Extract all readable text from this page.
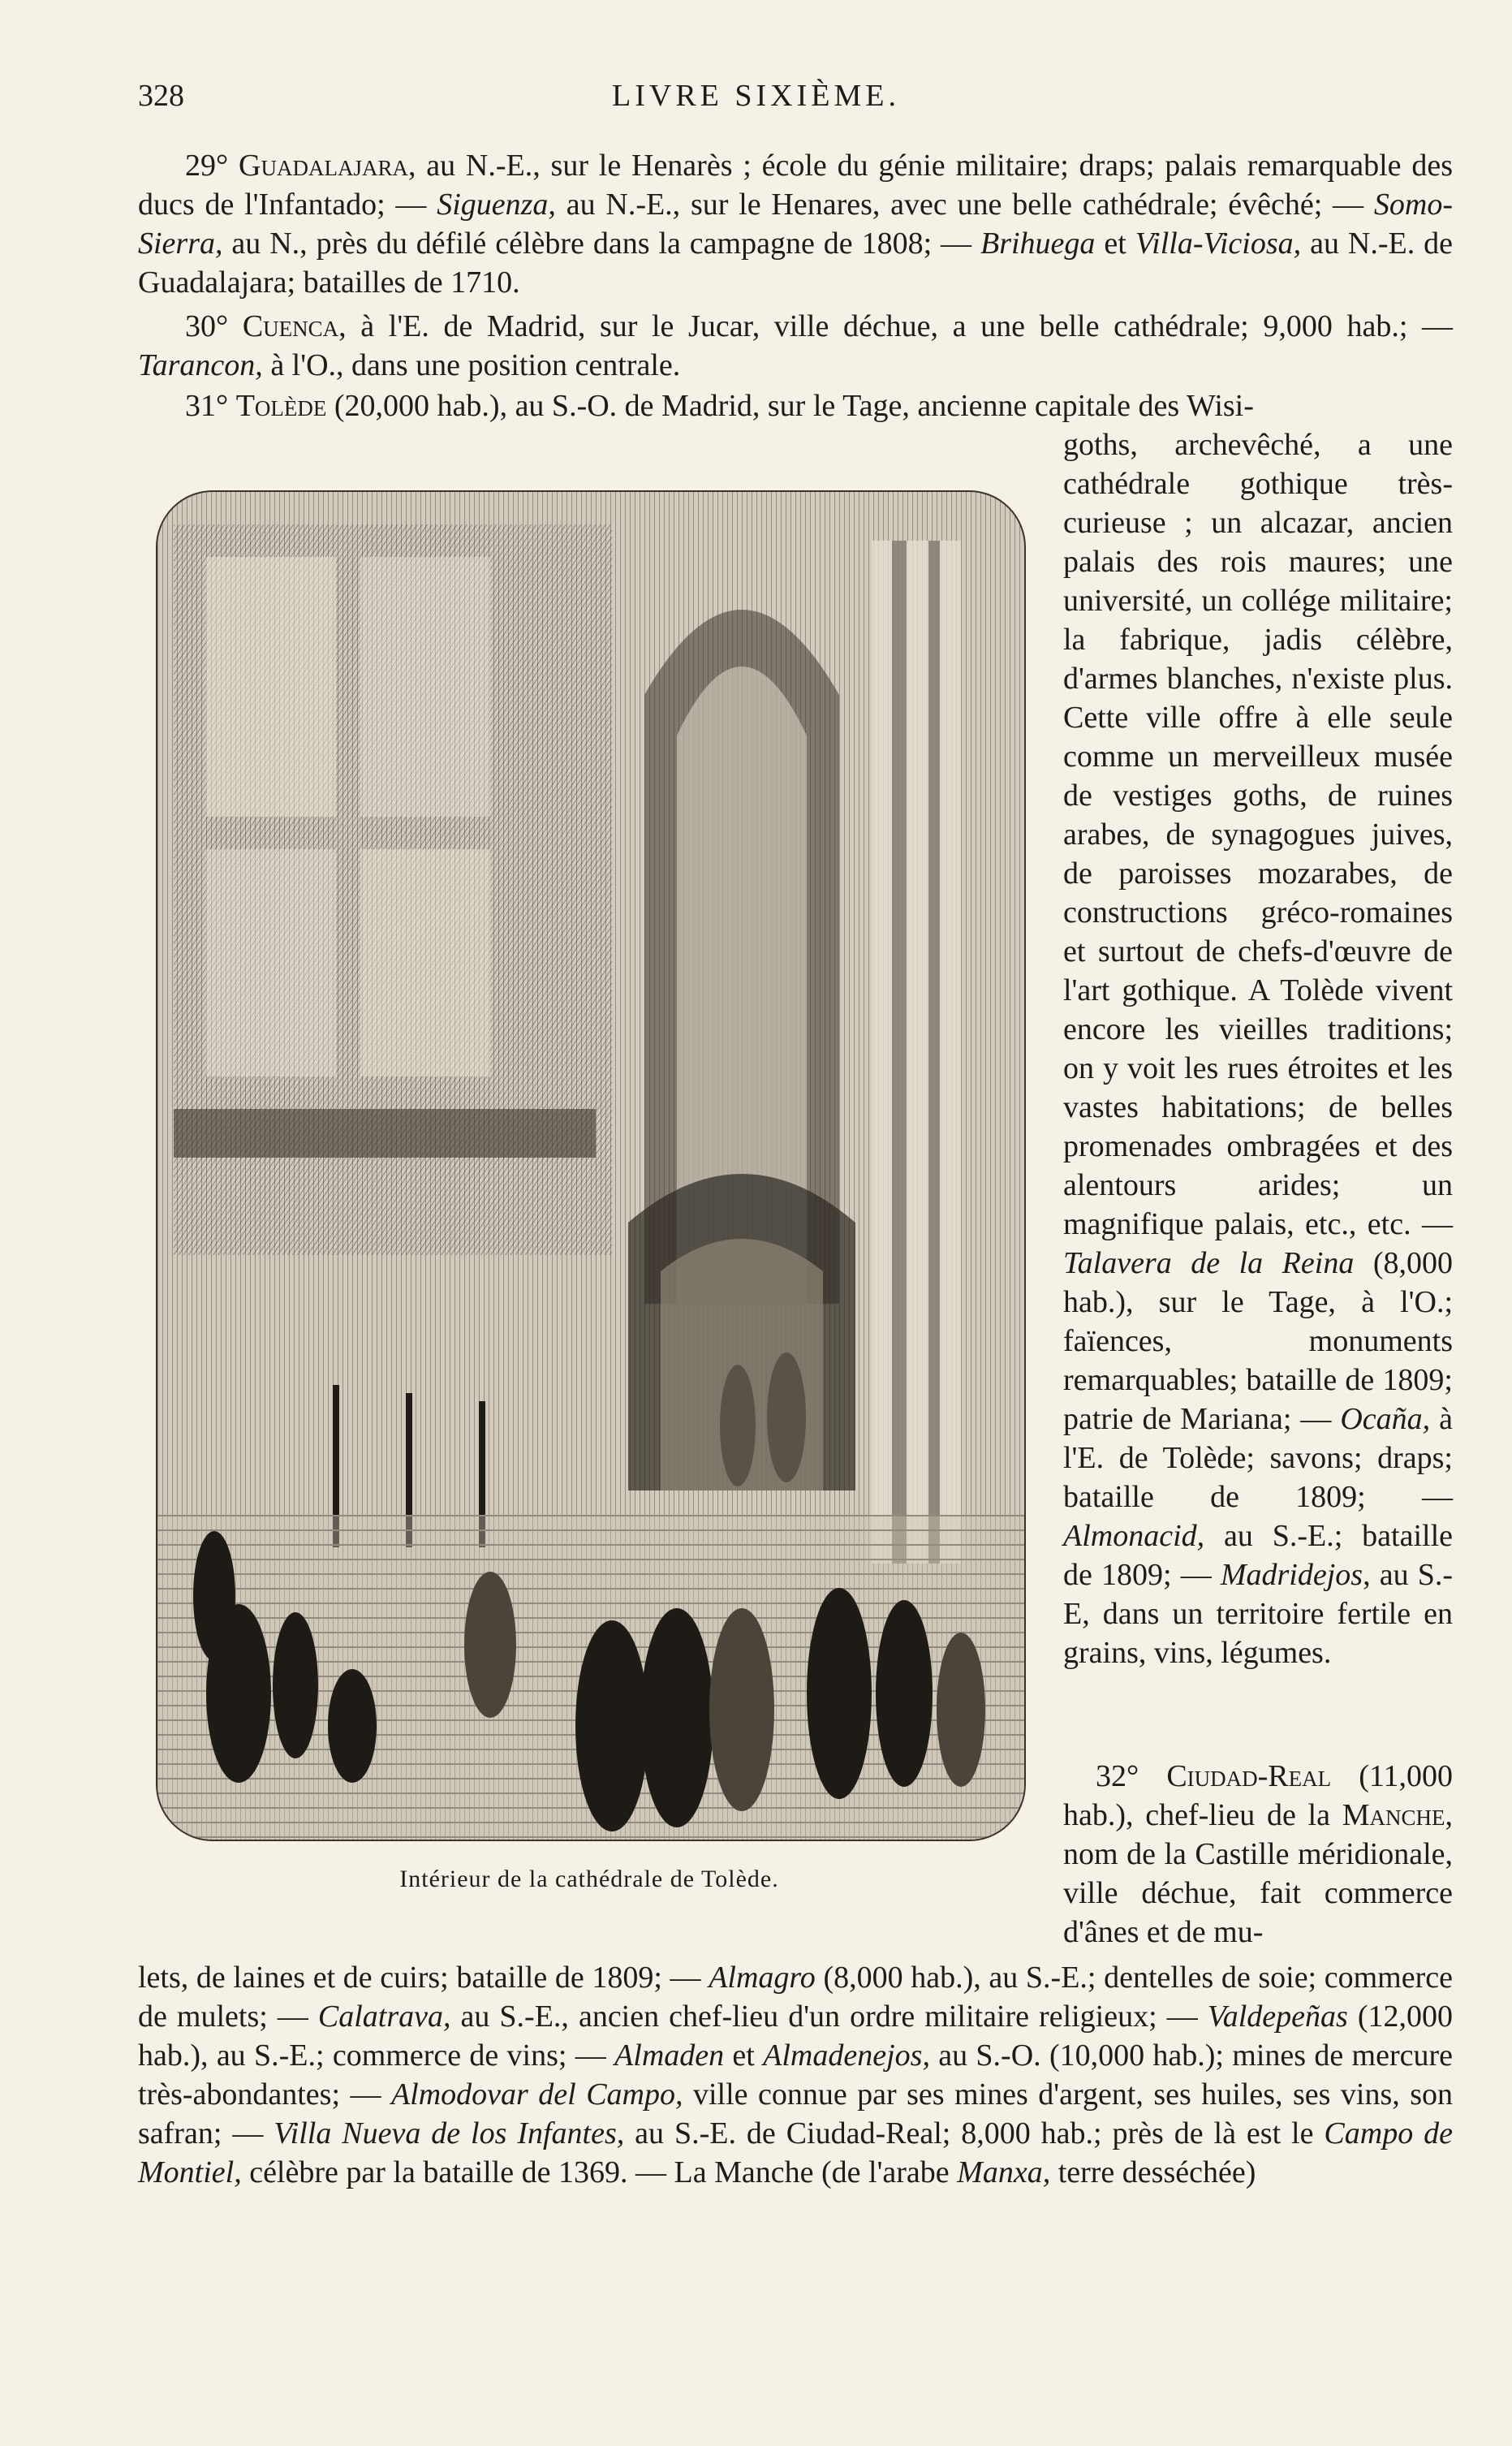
328	LIVRE SIXIÈME.

29° Guadalajara, au N.-E., sur le Henarès ; école du génie militaire; draps; palais remarquable des ducs de l'Infantado; — Siguenza, au N.-E., sur le Henares, avec une belle cathédrale; évêché; — Somo-Sierra, au N., près du défilé célèbre dans la campagne de 1808; — Brihuega et Villa-Viciosa, au N.-E. de Guadalajara; batailles de 1710.

30° Cuenca, à l'E. de Madrid, sur le Jucar, ville déchue, a une belle cathédrale; 9,000 hab.; — Tarancon, à l'O., dans une position centrale.

31° Tolède (20,000 hab.), au S.-O. de Madrid, sur le Tage, ancienne capitale des Wisi-

goths, archevêché, a une cathédrale gothique très-curieuse ; un alcazar, ancien palais des rois maures; une université, un collége militaire; la fabrique, jadis célèbre, d'armes blanches, n'existe plus. Cette ville offre à elle seule comme un merveilleux musée de vestiges goths, de ruines arabes, de synagogues juives, de paroisses mozarabes, de constructions gréco-romaines et surtout de chefs-d'œuvre de l'art gothique. A Tolède vivent encore les vieilles traditions; on y voit les rues étroites et les vastes habitations; de belles promenades ombragées et des alentours arides; un magnifique palais, etc., etc. — Talavera de la Reina (8,000 hab.), sur le Tage, à l'O.; faïences, monuments remarquables; bataille de 1809; patrie de Mariana; — Ocaña, à l'E. de Tolède; savons; draps; bataille de 1809; — Almonacid, au S.-E.; bataille de 1809; — Madridejos, au S.-E, dans un territoire fertile en grains, vins, légumes.

32° Ciudad-Real (11,000 hab.), chef-lieu de la Manche, nom de la Castille méridionale, ville déchue, fait commerce d'ânes et de mu-

lets, de laines et de cuirs; bataille de 1809; — Almagro (8,000 hab.), au S.-E.; dentelles de soie; commerce de mulets; — Calatrava, au S.-E., ancien chef-lieu d'un ordre militaire religieux; — Valdepeñas (12,000 hab.), au S.-E.; commerce de vins; — Almaden et Almadenejos, au S.-O. (10,000 hab.); mines de mercure très-abondantes; — Almodovar del Campo, ville connue par ses mines d'argent, ses huiles, ses vins, son safran; — Villa Nueva de los Infantes, au S.-E. de Ciudad-Real; 8,000 hab.; près de là est le Campo de Montiel, célèbre par la bataille de 1369. — La Manche (de l'arabe Manxa, terre desséchée)

Intérieur de la cathédrale de Tolède.
